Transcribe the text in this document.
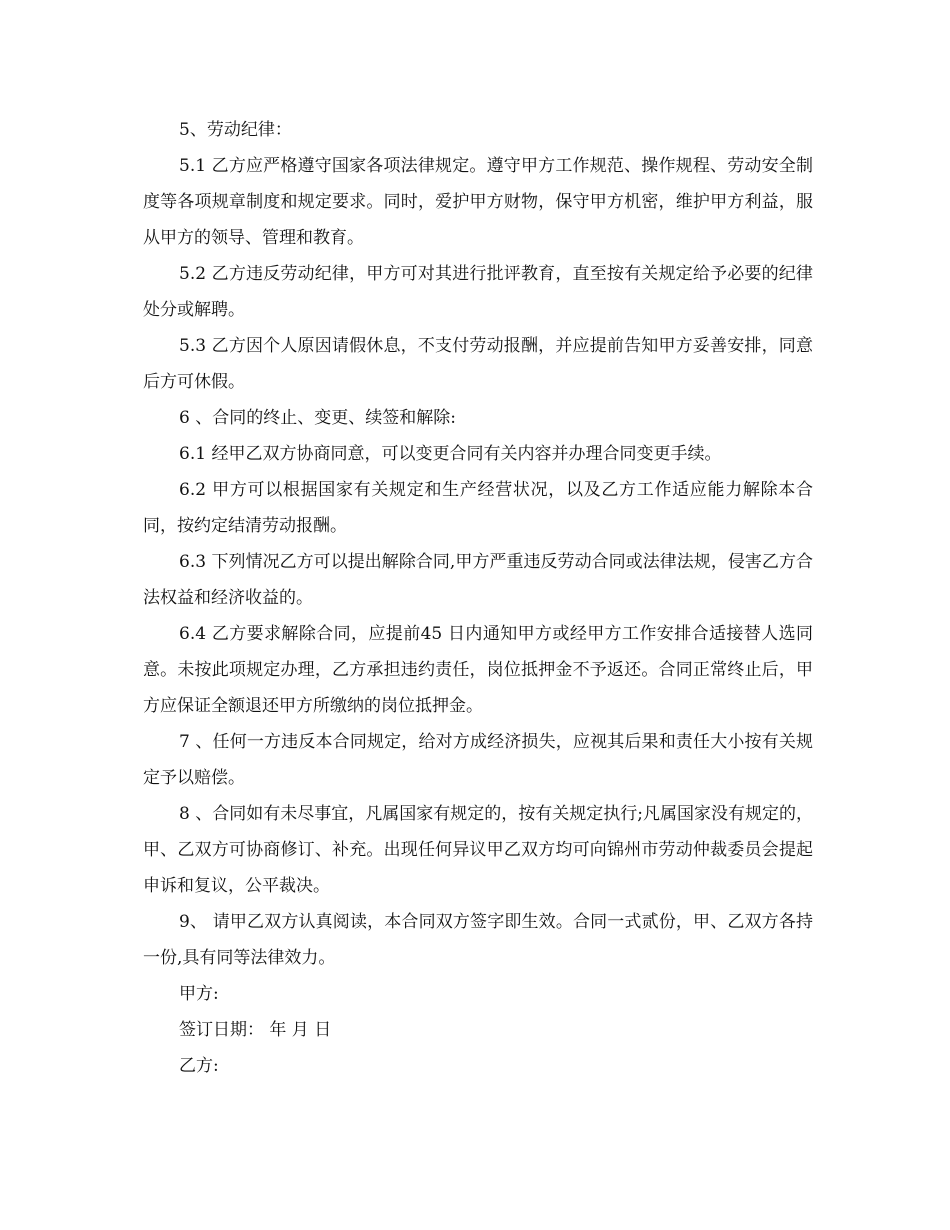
5、劳动纪律：

5.1 乙方应严格遵守国家各项法律规定。遵守甲方工作规范、操作规程、劳动安全制度等各项规章制度和规定要求。同时，爱护甲方财物，保守甲方机密，维护甲方利益，服从甲方的领导、管理和教育。

5.2 乙方违反劳动纪律，甲方可对其进行批评教育，直至按有关规定给予必要的纪律处分或解聘。

5.3 乙方因个人原因请假休息，不支付劳动报酬，并应提前告知甲方妥善安排，同意后方可休假。

6 、合同的终止、变更、续签和解除:

6.1 经甲乙双方协商同意，可以变更合同有关内容并办理合同变更手续。

6.2 甲方可以根据国家有关规定和生产经营状况，以及乙方工作适应能力解除本合同，按约定结清劳动报酬。

6.3 下列情况乙方可以提出解除合同,甲方严重违反劳动合同或法律法规，侵害乙方合法权益和经济收益的。

6.4 乙方要求解除合同，应提前45 日内通知甲方或经甲方工作安排合适接替人选同意。未按此项规定办理，乙方承担违约责任，岗位抵押金不予返还。合同正常终止后，甲方应保证全额退还甲方所缴纳的岗位抵押金。

7 、任何一方违反本合同规定，给对方成经济损失，应视其后果和责任大小按有关规定予以赔偿。

8 、合同如有未尽事宜，凡属国家有规定的，按有关规定执行;凡属国家没有规定的，甲、乙双方可协商修订、补充。出现任何异议甲乙双方均可向锦州市劳动仲裁委员会提起申诉和复议，公平裁决。

9、 请甲乙双方认真阅读，本合同双方签字即生效。合同一式贰份，甲、乙双方各持一份,具有同等法律效力。

甲方:

签订日期： 年 月 日

乙方:
